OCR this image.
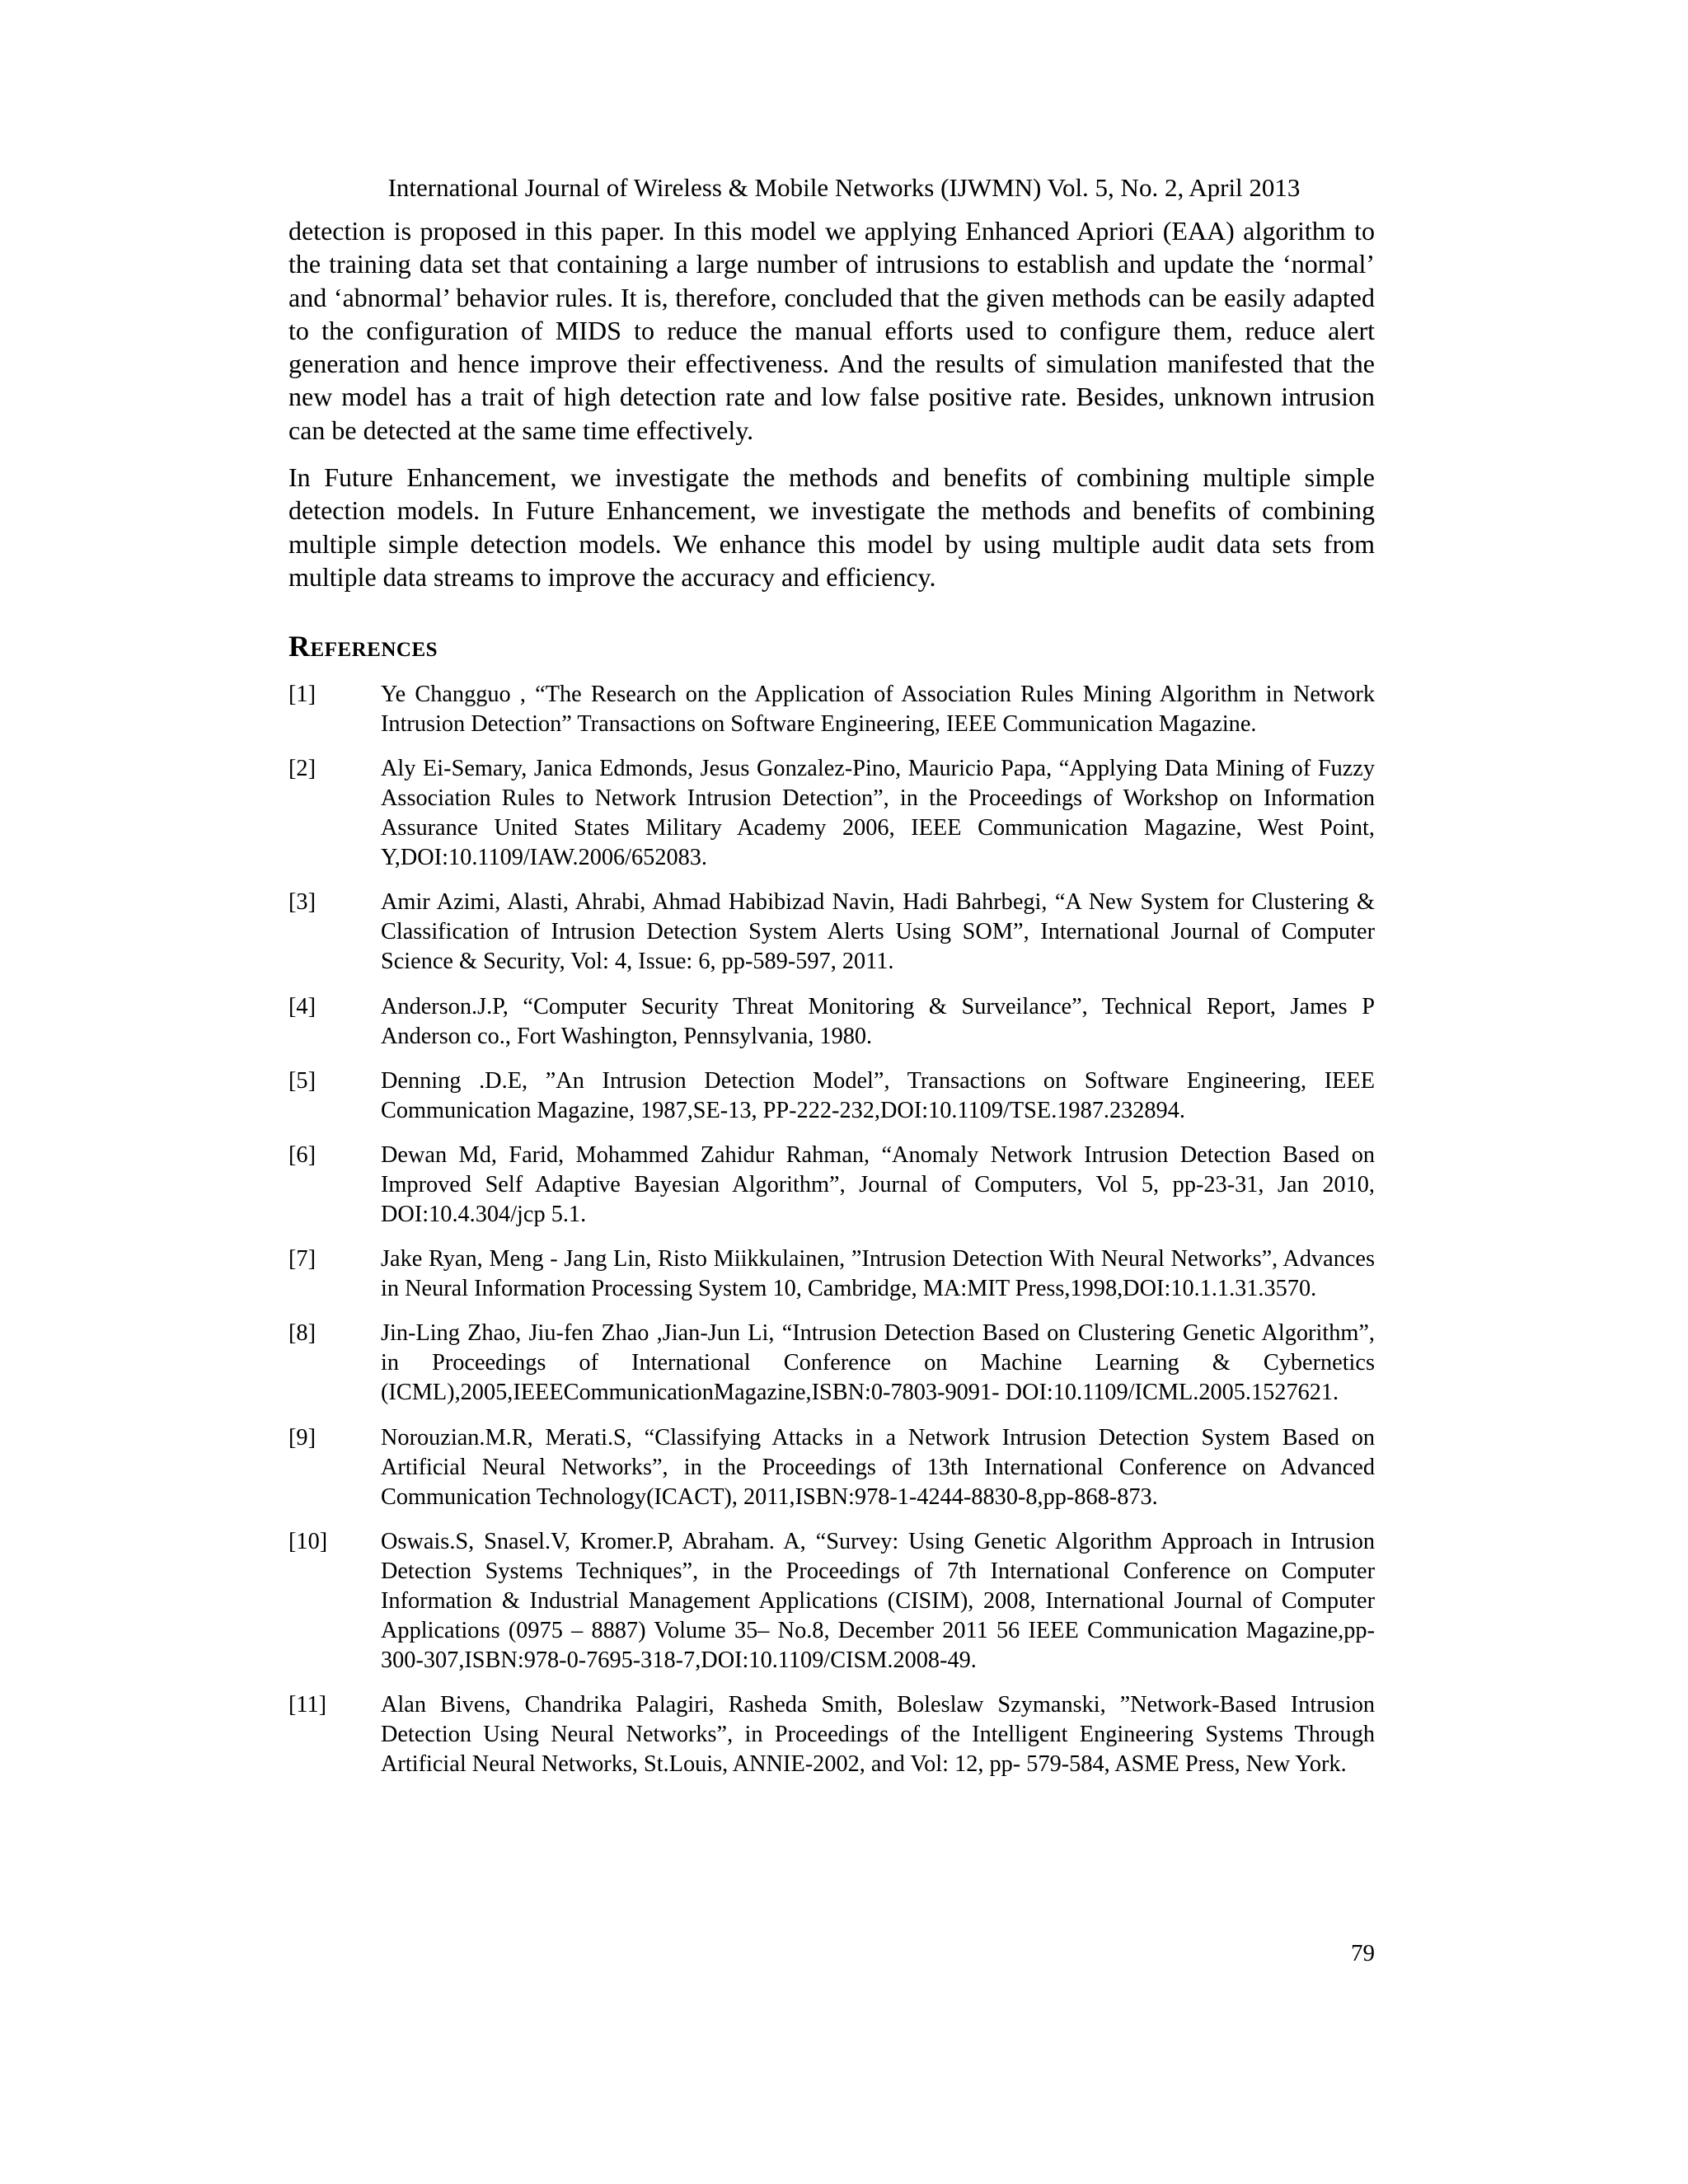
International Journal of Wireless & Mobile Networks (IJWMN) Vol. 5, No. 2, April 2013

detection is proposed in this paper. In this model we applying Enhanced Apriori (EAA) algorithm to the training data set that containing a large number of intrusions to establish and update the ‘normal’ and ‘abnormal’ behavior rules. It is, therefore, concluded that the given methods can be easily adapted to the configuration of MIDS to reduce the manual efforts used to configure them, reduce alert generation and hence improve their effectiveness. And the results of simulation manifested that the new model has a trait of high detection rate and low false positive rate. Besides, unknown intrusion can be detected at the same time effectively.

In Future Enhancement, we investigate the methods and benefits of combining multiple simple detection models. In Future Enhancement, we investigate the methods and benefits of combining multiple simple detection models. We enhance this model by using multiple audit data sets from multiple data streams to improve the accuracy and efficiency.

References
[1]	Ye Changguo , “The Research on the Application of Association Rules Mining Algorithm in Network Intrusion Detection” Transactions on Software Engineering, IEEE Communication Magazine.
[2]	Aly Ei-Semary, Janica Edmonds, Jesus Gonzalez-Pino, Mauricio Papa, “Applying Data Mining of Fuzzy Association Rules to Network Intrusion Detection”, in the Proceedings of Workshop on Information Assurance United States Military Academy 2006, IEEE Communication Magazine, West Point, Y,DOI:10.1109/IAW.2006/652083.
[3]	Amir Azimi, Alasti, Ahrabi, Ahmad Habibizad Navin, Hadi Bahrbegi, “A New System for Clustering & Classification of Intrusion Detection System Alerts Using SOM”, International Journal of Computer Science & Security, Vol: 4, Issue: 6, pp-589-597, 2011.
[4]	Anderson.J.P, “Computer Security Threat Monitoring & Surveilance”, Technical Report, James P Anderson co., Fort Washington, Pennsylvania, 1980.
[5]	Denning .D.E, ”An Intrusion Detection Model”, Transactions on Software Engineering, IEEE Communication Magazine, 1987,SE-13, PP-222-232,DOI:10.1109/TSE.1987.232894.
[6]	Dewan Md, Farid, Mohammed Zahidur Rahman, “Anomaly Network Intrusion Detection Based on Improved Self Adaptive Bayesian Algorithm”, Journal of Computers, Vol 5, pp-23-31, Jan 2010, DOI:10.4.304/jcp 5.1.
[7]	Jake Ryan, Meng - Jang Lin, Risto Miikkulainen, ”Intrusion Detection With Neural Networks”, Advances in Neural Information Processing System 10, Cambridge, MA:MIT Press,1998,DOI:10.1.1.31.3570.
[8]	Jin-Ling Zhao, Jiu-fen Zhao ,Jian-Jun Li, “Intrusion Detection Based on Clustering Genetic Algorithm”, in Proceedings of International Conference on Machine Learning & Cybernetics (ICML),2005,IEEECommunicationMagazine,ISBN:0-7803-9091- DOI:10.1109/ICML.2005.1527621.
[9]	Norouzian.M.R, Merati.S, “Classifying Attacks in a Network Intrusion Detection System Based on Artificial Neural Networks”, in the Proceedings of 13th International Conference on Advanced Communication Technology(ICACT), 2011,ISBN:978-1-4244-8830-8,pp-868-873.
[10]	Oswais.S, Snasel.V, Kromer.P, Abraham. A, “Survey: Using Genetic Algorithm Approach in Intrusion Detection Systems Techniques”, in the Proceedings of 7th International Conference on Computer Information & Industrial Management Applications (CISIM), 2008, International Journal of Computer Applications (0975 – 8887) Volume 35– No.8, December 2011 56 IEEE Communication Magazine,pp-300-307,ISBN:978-0-7695-318-7,DOI:10.1109/CISM.2008-49.
[11]	Alan Bivens, Chandrika Palagiri, Rasheda Smith, Boleslaw Szymanski, ”Network-Based Intrusion Detection Using Neural Networks”, in Proceedings of the Intelligent Engineering Systems Through Artificial Neural Networks, St.Louis, ANNIE-2002, and Vol: 12, pp- 579-584, ASME Press, New York.
79
